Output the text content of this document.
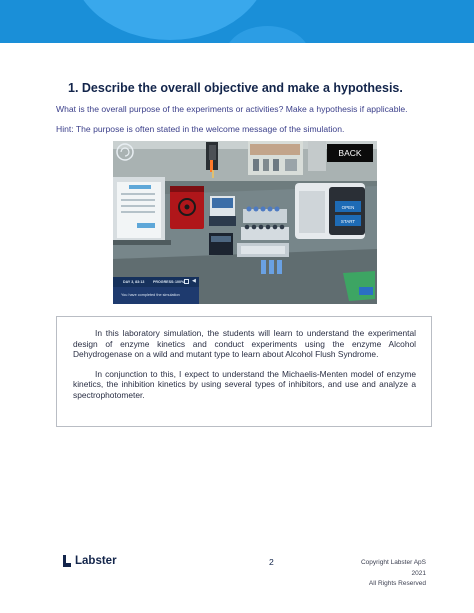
1. Describe the overall objective and make a hypothesis.
What is the overall purpose of the experiments or activities? Make a hypothesis if applicable.
Hint: The purpose is often stated in the welcome message of the simulation.
OPEN
START
BACK
DAY 3, 83:13 PROGRESS: 100% ◀
You have completed the simulation

In this laboratory simulation, the students will learn to understand the experimental design of enzyme kinetics and conduct experiments using the enzyme Alcohol Dehydrogenase on a wild and mutant type to learn about Alcohol Flush Syndrome.

In conjunction to this, I expect to understand the Michaelis-Menten model of enzyme kinetics, the inhibition kinetics by using several types of inhibitors, and use and analyze a spectrophotometer.

Labster	2	Copyright Labster ApS
2021
All Rights Reserved
